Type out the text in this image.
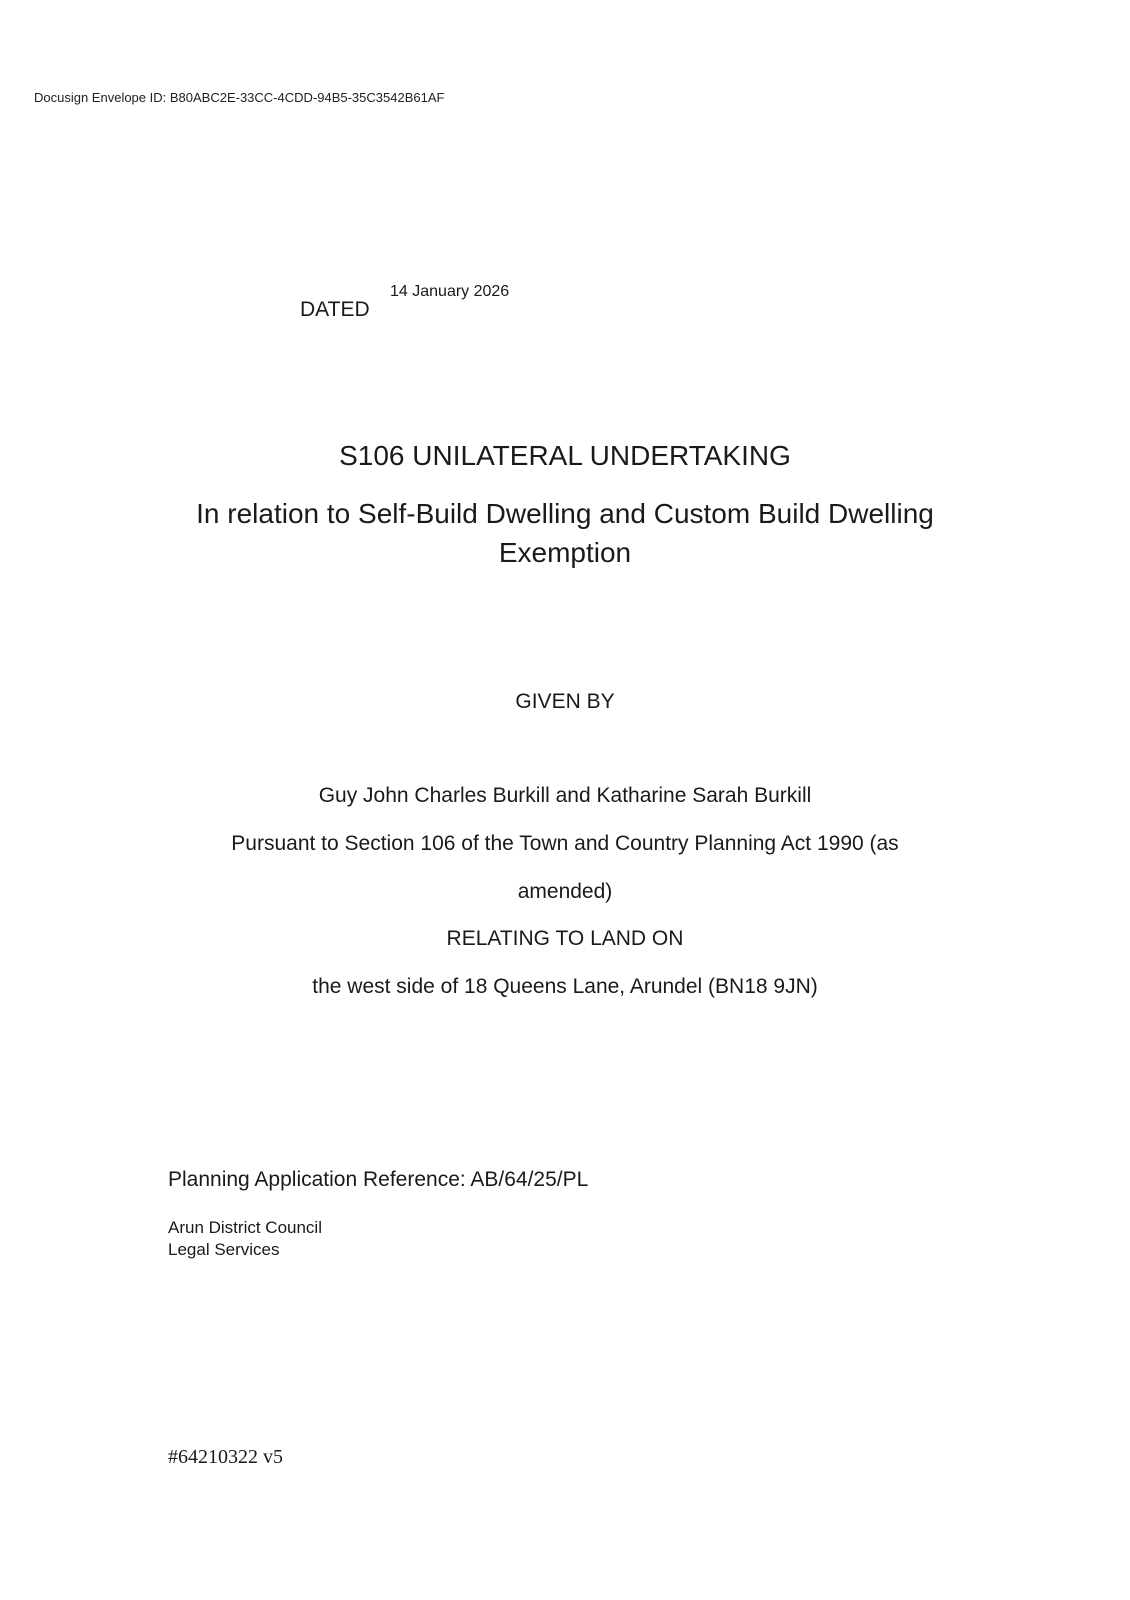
Docusign Envelope ID: B80ABC2E-33CC-4CDD-94B5-35C3542B61AF
DATED
14 January 2026
S106 UNILATERAL UNDERTAKING
In relation to Self-Build Dwelling and Custom Build Dwelling
Exemption
GIVEN BY
Guy John Charles Burkill and Katharine Sarah Burkill
Pursuant to Section 106 of the Town and Country Planning Act 1990 (as
amended)
RELATING TO LAND ON
the west side of 18 Queens Lane, Arundel (BN18 9JN)
Planning Application Reference: AB/64/25/PL
Arun District Council
Legal Services
#64210322 v5
